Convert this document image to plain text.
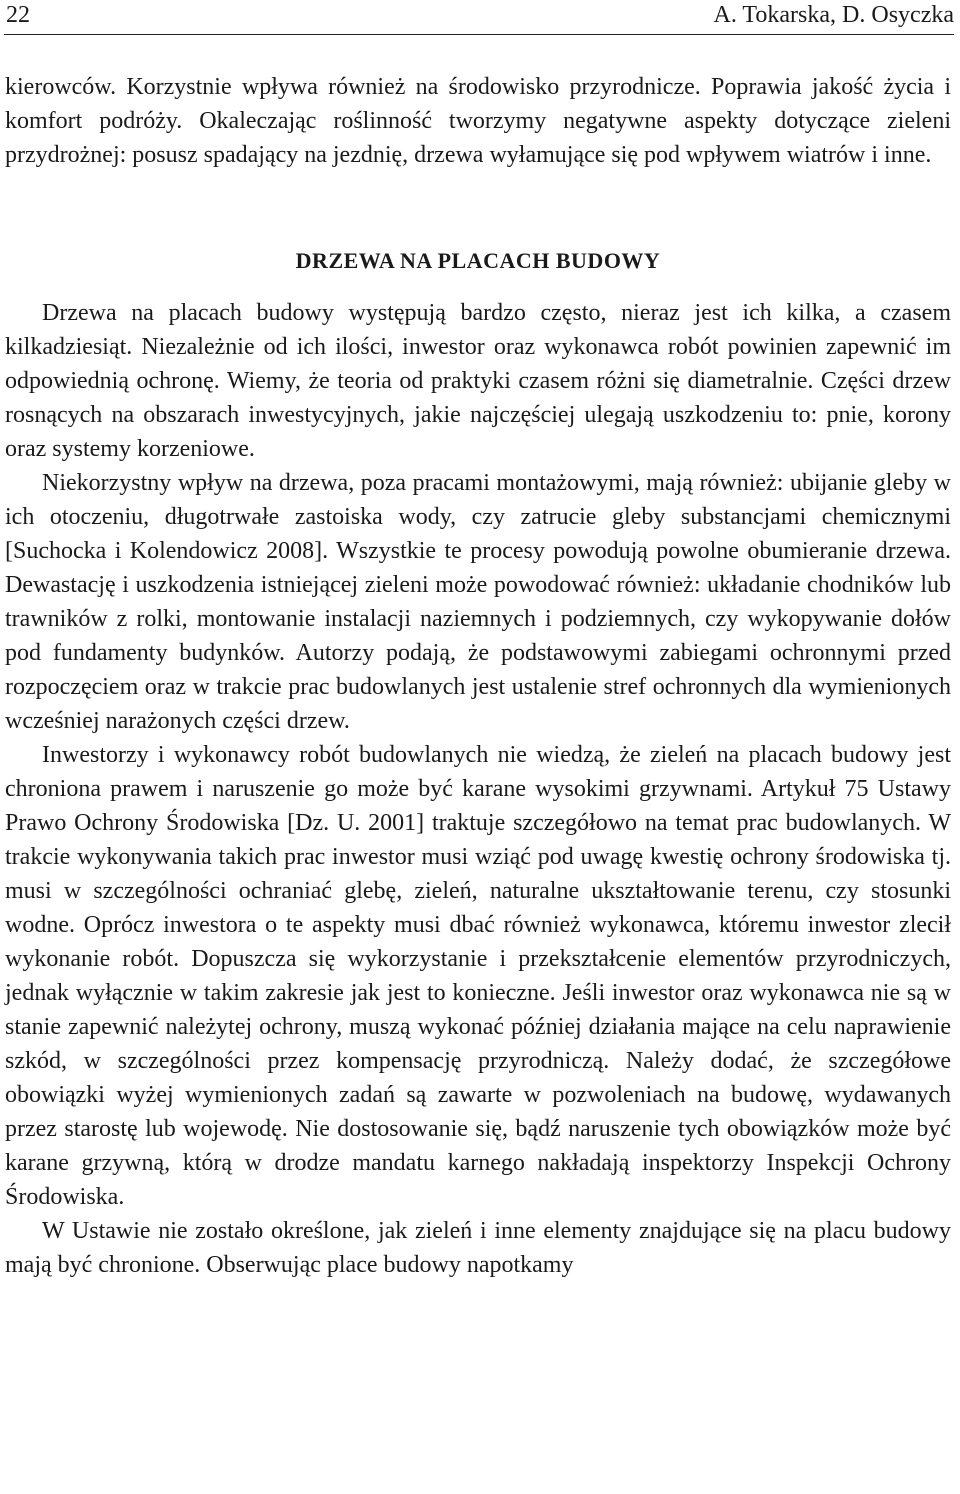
22	A. Tokarska, D. Osyczka

kierowców. Korzystnie wpływa również na środowisko przyrodnicze. Poprawia jakość życia i komfort podróży. Okaleczając roślinność tworzymy negatywne aspekty dotyczące zieleni przydrożnej: posusz spadający na jezdnię, drzewa wyłamujące się pod wpływem wiatrów i inne.

DRZEWA NA PLACACH BUDOWY

Drzewa na placach budowy występują bardzo często, nieraz jest ich kilka, a czasem kilkadziesiąt. Niezależnie od ich ilości, inwestor oraz wykonawca robót powinien zapewnić im odpowiednią ochronę. Wiemy, że teoria od praktyki czasem różni się diametralnie. Części drzew rosnących na obszarach inwestycyjnych, jakie najczęściej ulegają uszkodzeniu to: pnie, korony oraz systemy korzeniowe.

Niekorzystny wpływ na drzewa, poza pracami montażowymi, mają również: ubijanie gleby w ich otoczeniu, długotrwałe zastoiska wody, czy zatrucie gleby substancjami chemicznymi [Suchocka i Kolendowicz 2008]. Wszystkie te procesy powodują powolne obumieranie drzewa. Dewastację i uszkodzenia istniejącej zieleni może powodować również: układanie chodników lub trawników z rolki, montowanie instalacji naziemnych i podziemnych, czy wykopywanie dołów pod fundamenty budynków. Autorzy podają, że podstawowymi zabiegami ochronnymi przed rozpoczęciem oraz w trakcie prac budowlanych jest ustalenie stref ochronnych dla wymienionych wcześniej narażonych części drzew.

Inwestorzy i wykonawcy robót budowlanych nie wiedzą, że zieleń na placach budowy jest chroniona prawem i naruszenie go może być karane wysokimi grzywnami. Artykuł 75 Ustawy Prawo Ochrony Środowiska [Dz. U. 2001] traktuje szczegółowo na temat prac budowlanych. W trakcie wykonywania takich prac inwestor musi wziąć pod uwagę kwestię ochrony środowiska tj. musi w szczególności ochraniać glebę, zieleń, naturalne ukształtowanie terenu, czy stosunki wodne. Oprócz inwestora o te aspekty musi dbać również wykonawca, któremu inwestor zlecił wykonanie robót. Dopuszcza się wykorzystanie i przekształcenie elementów przyrodniczych, jednak wyłącznie w takim zakresie jak jest to konieczne. Jeśli inwestor oraz wykonawca nie są w stanie zapewnić należytej ochrony, muszą wykonać później działania mające na celu naprawienie szkód, w szczególności przez kompensację przyrodniczą. Należy dodać, że szczegółowe obowiązki wyżej wymienionych zadań są zawarte w pozwoleniach na budowę, wydawanych przez starostę lub wojewodę. Nie dostosowanie się, bądź naruszenie tych obowiązków może być karane grzywną, którą w drodze mandatu karnego nakładają inspektorzy Inspekcji Ochrony Środowiska.

W Ustawie nie zostało określone, jak zieleń i inne elementy znajdujące się na placu budowy mają być chronione. Obserwując place budowy napotkamy
